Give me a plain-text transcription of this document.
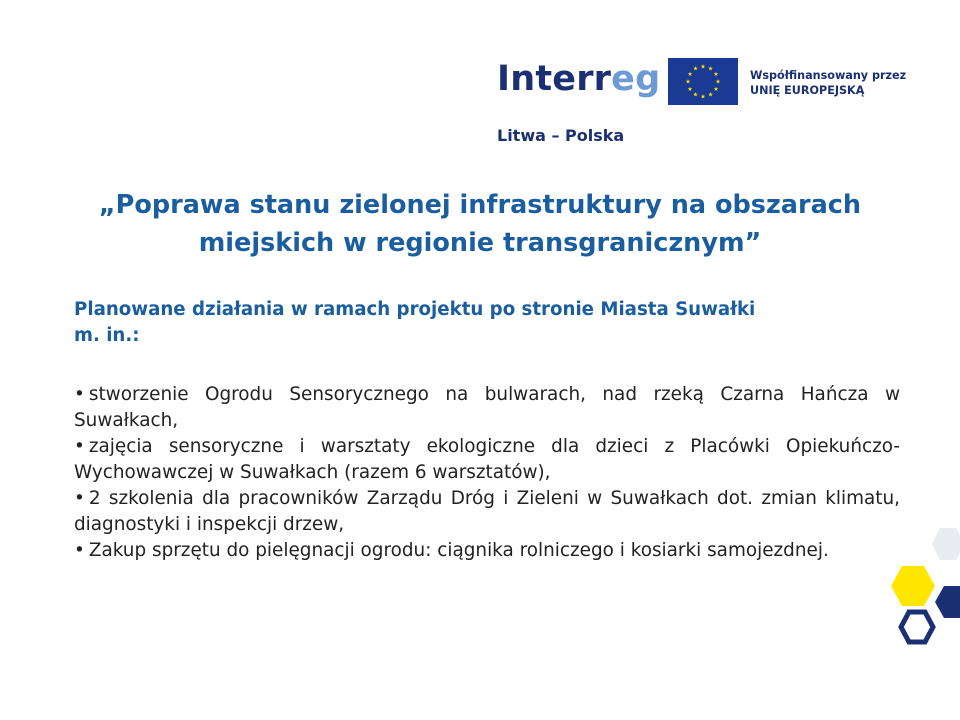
Interreg
Litwa – Polska
Współfinansowany przez
UNIĘ EUROPEJSKĄ
„Poprawa stanu zielonej infrastruktury na obszarach
miejskich w regionie transgranicznym”
Planowane działania w ramach projektu po stronie Miasta Suwałki
m. in.:

• stworzenie Ogrodu Sensorycznego na bulwarach, nad rzeką Czarna Hańcza w Suwałkach,

• zajęcia sensoryczne i warsztaty ekologiczne dla dzieci z Placówki Opiekuńczo-Wychowawczej w Suwałkach (razem 6 warsztatów),

• 2 szkolenia dla pracowników Zarządu Dróg i Zieleni w Suwałkach dot. zmian klimatu, diagnostyki i inspekcji drzew,

• Zakup sprzętu do pielęgnacji ogrodu: ciągnika rolniczego i kosiarki samojezdnej.
